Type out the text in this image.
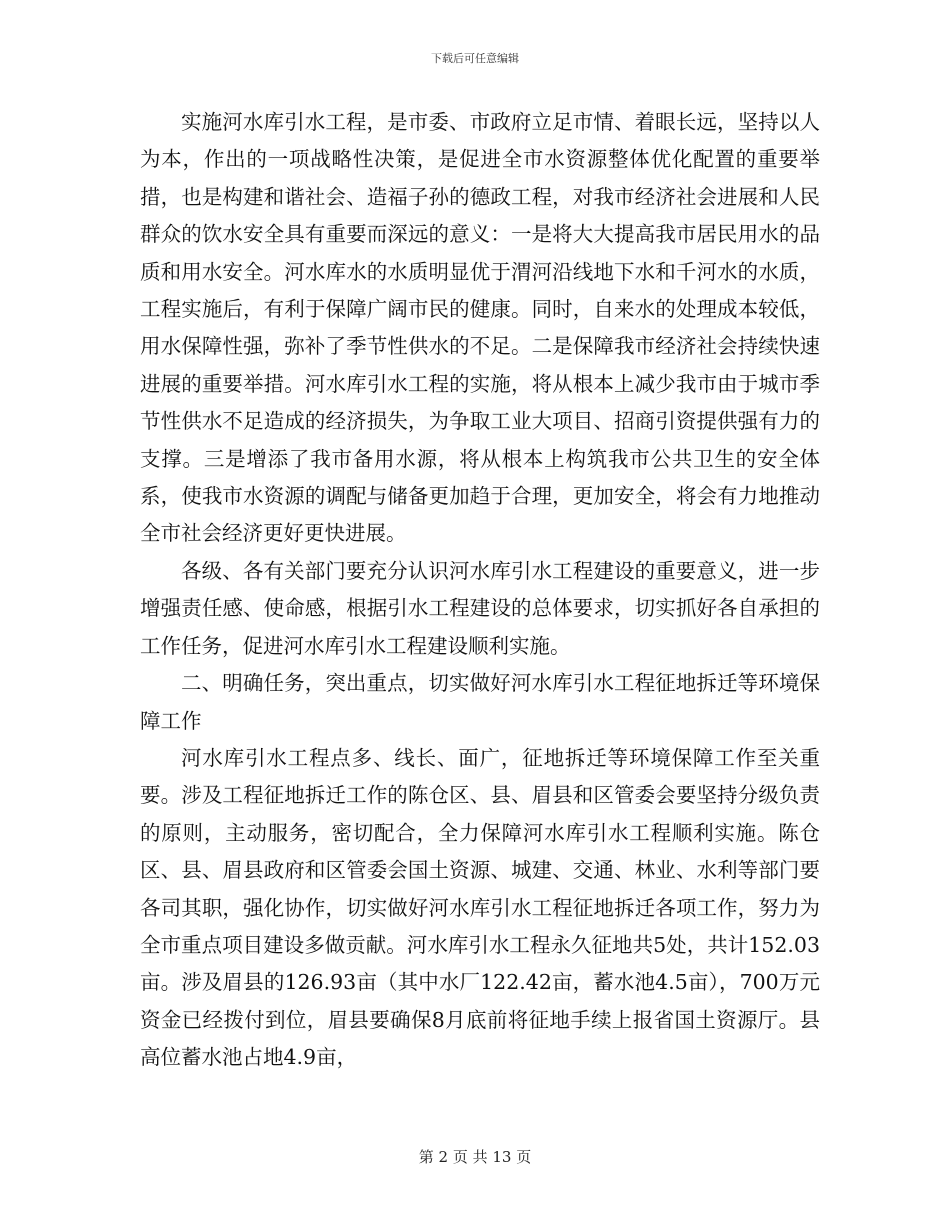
下载后可任意编辑

实施河水库引水工程，是市委、市政府立足市情、着眼长远，坚持以人为本，作出的一项战略性决策，是促进全市水资源整体优化配置的重要举措，也是构建和谐社会、造福子孙的德政工程，对我市经济社会进展和人民群众的饮水安全具有重要而深远的意义：一是将大大提高我市居民用水的品质和用水安全。河水库水的水质明显优于渭河沿线地下水和千河水的水质，工程实施后，有利于保障广阔市民的健康。同时，自来水的处理成本较低，用水保障性强，弥补了季节性供水的不足。二是保障我市经济社会持续快速进展的重要举措。河水库引水工程的实施，将从根本上减少我市由于城市季节性供水不足造成的经济损失，为争取工业大项目、招商引资提供强有力的支撑。三是增添了我市备用水源，将从根本上构筑我市公共卫生的安全体系，使我市水资源的调配与储备更加趋于合理，更加安全，将会有力地推动全市社会经济更好更快进展。

各级、各有关部门要充分认识河水库引水工程建设的重要意义，进一步增强责任感、使命感，根据引水工程建设的总体要求，切实抓好各自承担的工作任务，促进河水库引水工程建设顺利实施。

二、明确任务，突出重点，切实做好河水库引水工程征地拆迁等环境保障工作

河水库引水工程点多、线长、面广，征地拆迁等环境保障工作至关重要。涉及工程征地拆迁工作的陈仓区、县、眉县和区管委会要坚持分级负责的原则，主动服务，密切配合，全力保障河水库引水工程顺利实施。陈仓区、县、眉县政府和区管委会国土资源、城建、交通、林业、水利等部门要各司其职，强化协作，切实做好河水库引水工程征地拆迁各项工作，努力为全市重点项目建设多做贡献。河水库引水工程永久征地共5处，共计152.03亩。涉及眉县的126.93亩（其中水厂122.42亩，蓄水池4.5亩），700万元资金已经拨付到位，眉县要确保8月底前将征地手续上报省国土资源厅。县高位蓄水池占地4.9亩，

第 2 页 共 13 页
